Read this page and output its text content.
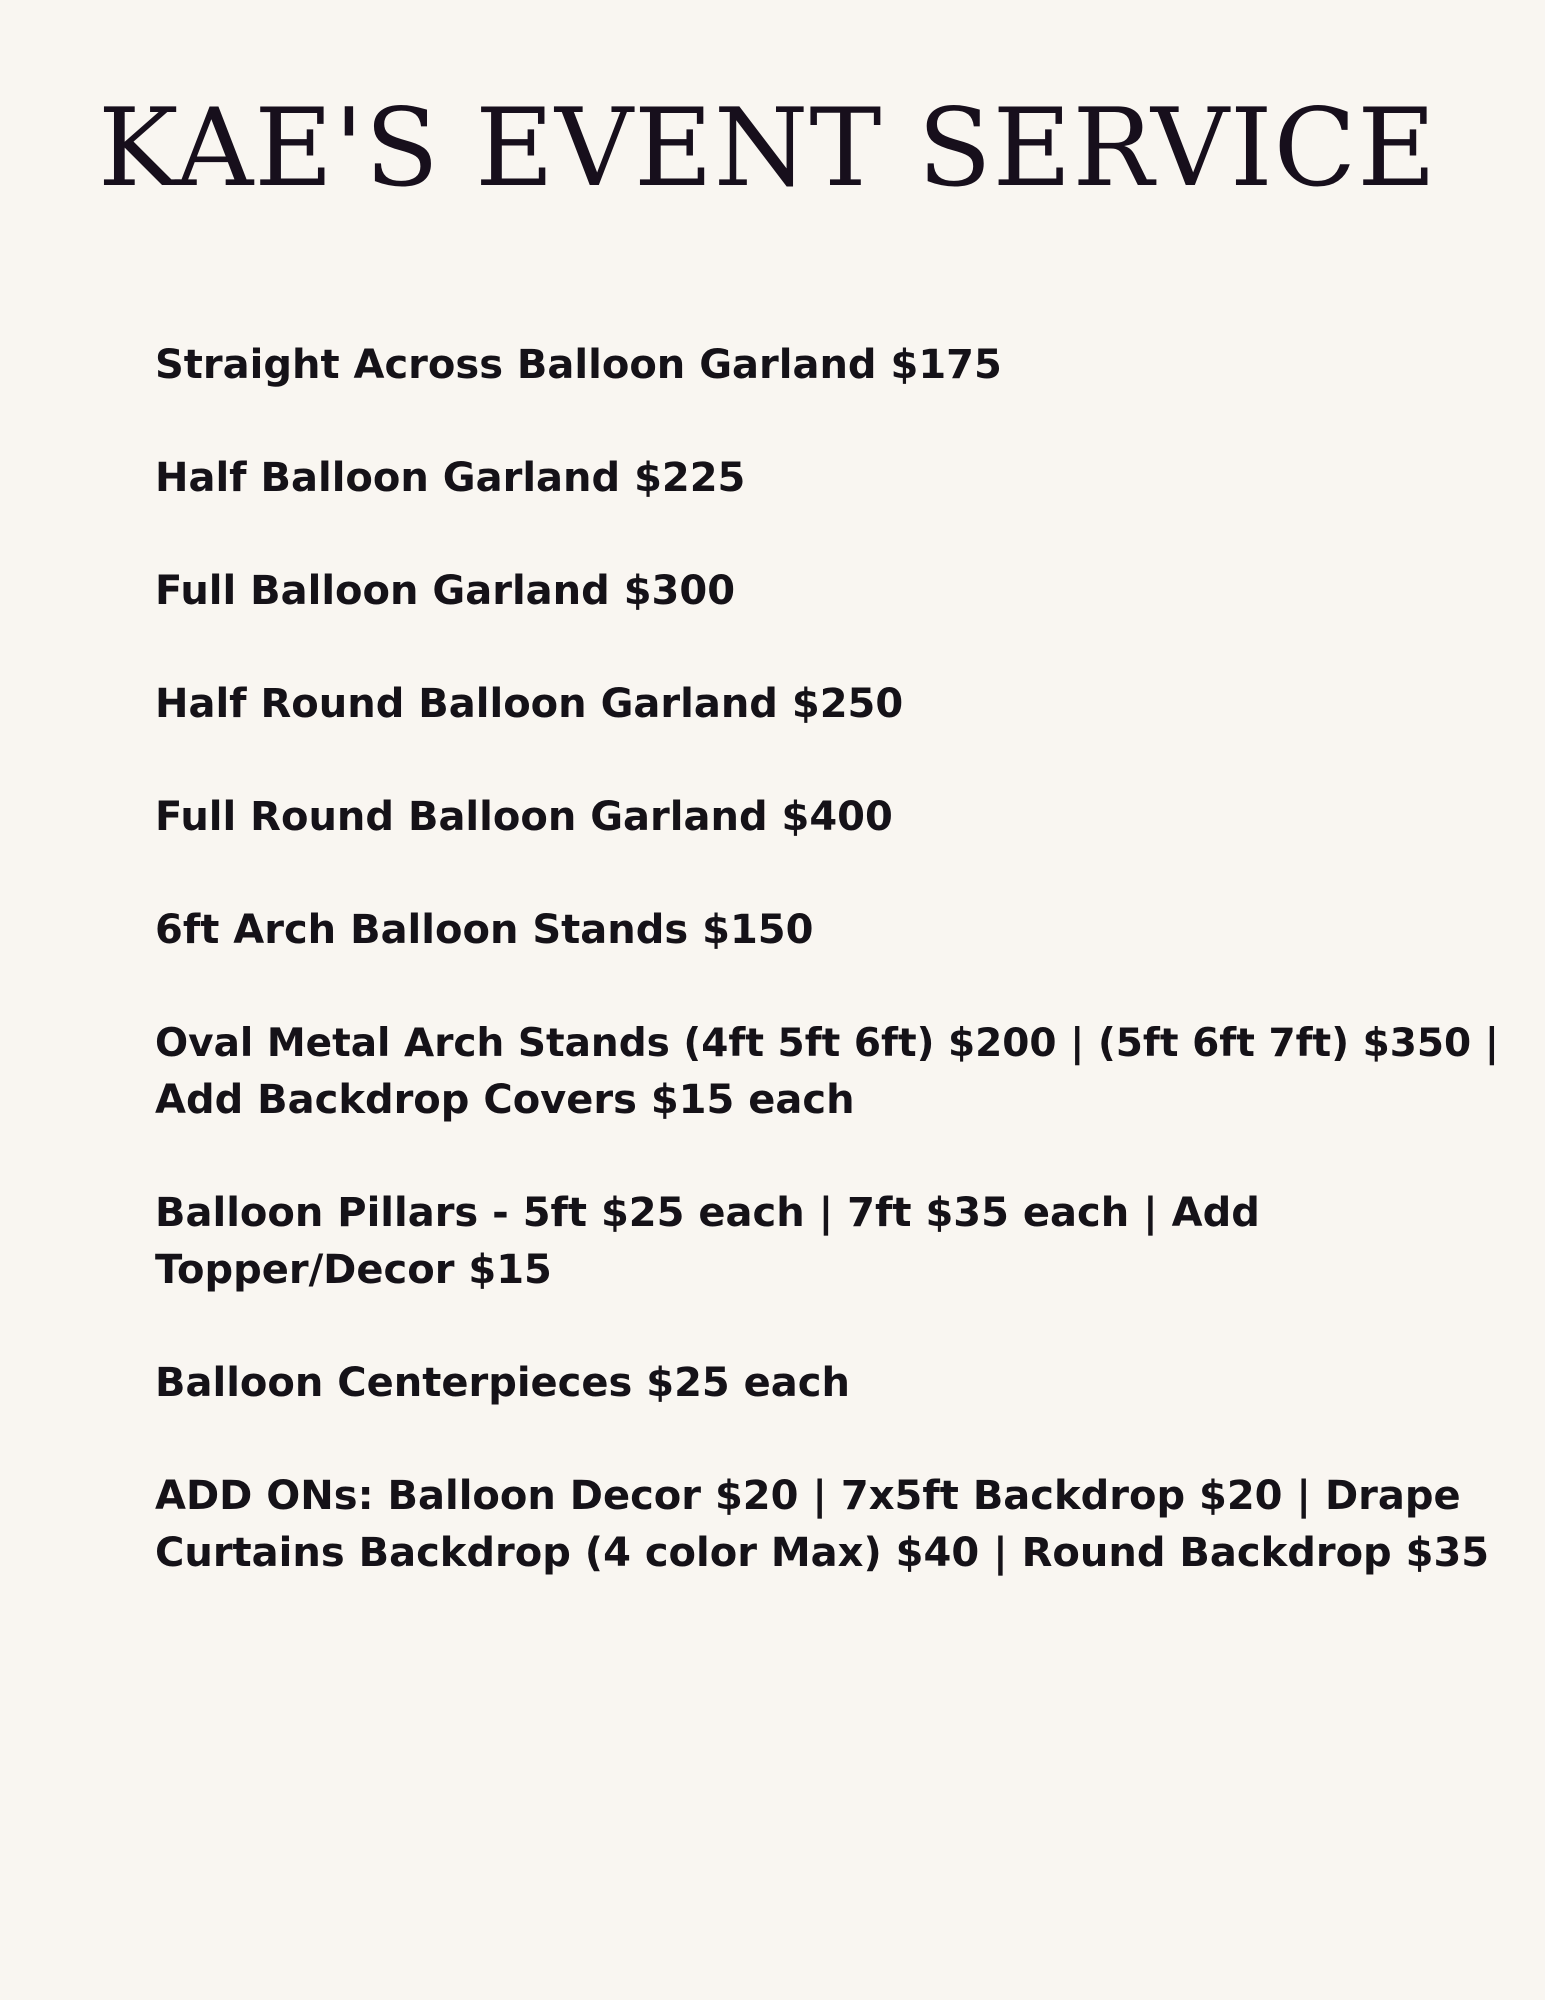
KAE'S EVENT SERVICE
Straight Across Balloon Garland $175
Half Balloon Garland $225
Full Balloon Garland $300
Half Round Balloon Garland $250
Full Round Balloon Garland $400
6ft Arch Balloon Stands $150
Oval Metal Arch Stands (4ft 5ft 6ft) $200 | (5ft 6ft 7ft) $350 |
Add Backdrop Covers $15 each
Balloon Pillars - 5ft $25 each | 7ft $35 each | Add
Topper/Decor $15
Balloon Centerpieces $25 each
ADD ONs: Balloon Decor $20 | 7x5ft Backdrop $20 | Drape
Curtains Backdrop (4 color Max) $40 | Round Backdrop $35
